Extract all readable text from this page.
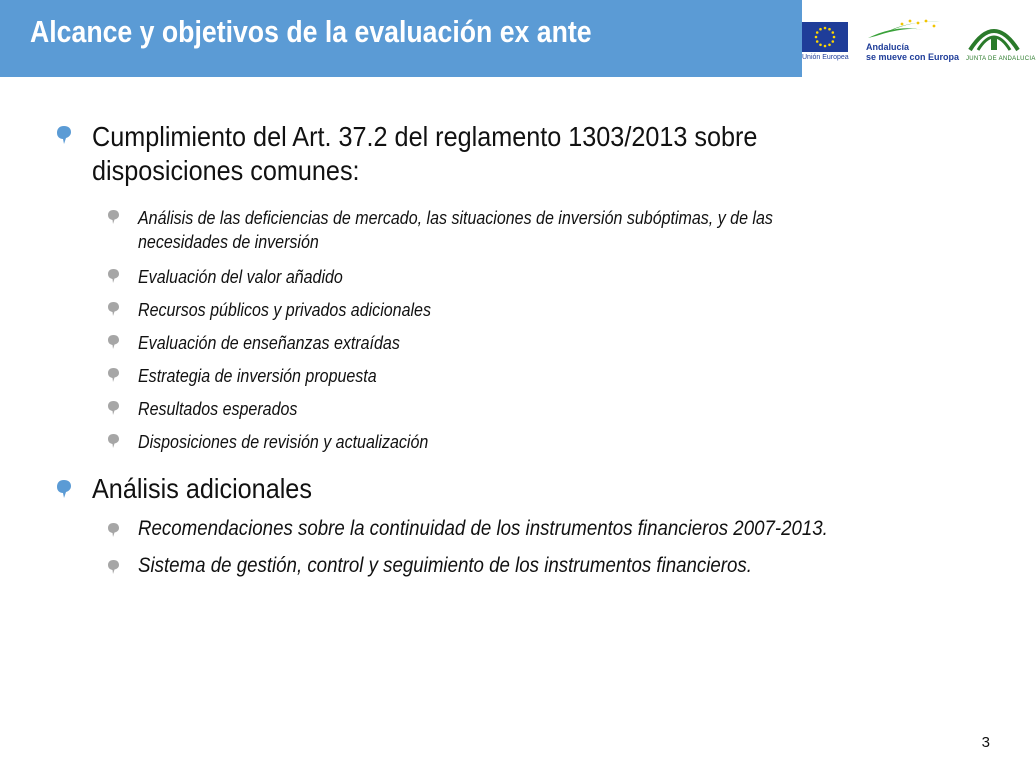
Alcance y objetivos de la evaluación ex ante
Unión Europea
Andalucía
se mueve con Europa JUNTA DE ANDALUCIA
Cumplimiento del Art. 37.2 del reglamento 1303/2013 sobre
disposiciones comunes:
Análisis de las deficiencias de mercado, las situaciones de inversión subóptimas, y de las
necesidades de inversión
Evaluación del valor añadido
Recursos públicos y privados adicionales
Evaluación de enseñanzas extraídas
Estrategia de inversión propuesta
Resultados esperados
Disposiciones de revisión y actualización
Análisis adicionales
Recomendaciones sobre la continuidad de los instrumentos financieros 2007-2013.
Sistema de gestión, control y seguimiento de los instrumentos financieros.
3
